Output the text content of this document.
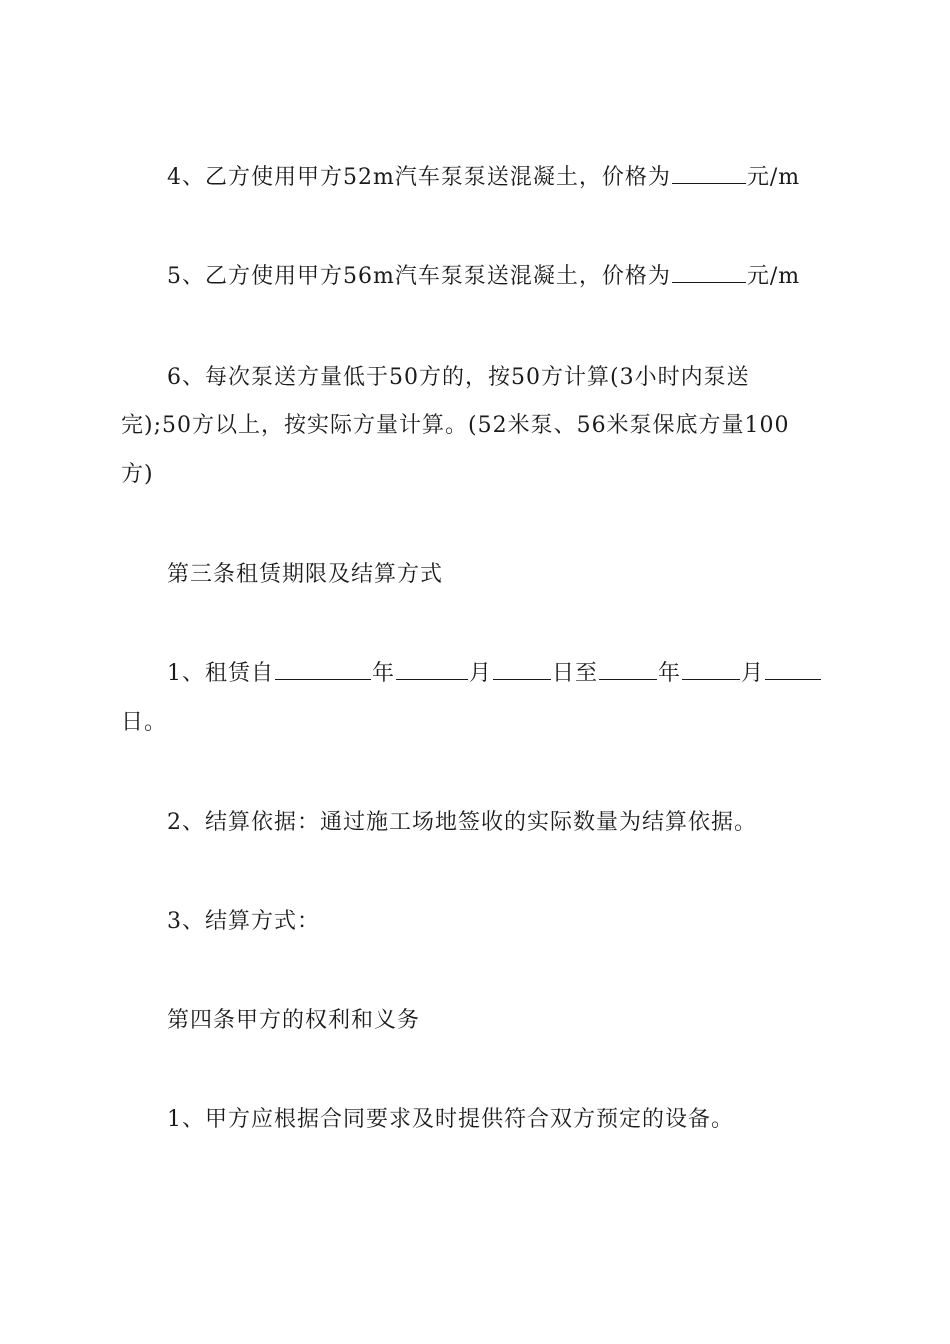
4、乙方使用甲方52m汽车泵泵送混凝土，价格为	元/m
5、乙方使用甲方56m汽车泵泵送混凝土，价格为	元/m
6、每次泵送方量低于50方的，按50方计算(3小时内泵送
完);50方以上，按实际方量计算。(52米泵、56米泵保底方量100
方)
第三条租赁期限及结算方式
1、租赁自	年	月	日至	年	月
日。
2、结算依据：通过施工场地签收的实际数量为结算依据。
3、结算方式：
第四条甲方的权利和义务
1、甲方应根据合同要求及时提供符合双方预定的设备。
